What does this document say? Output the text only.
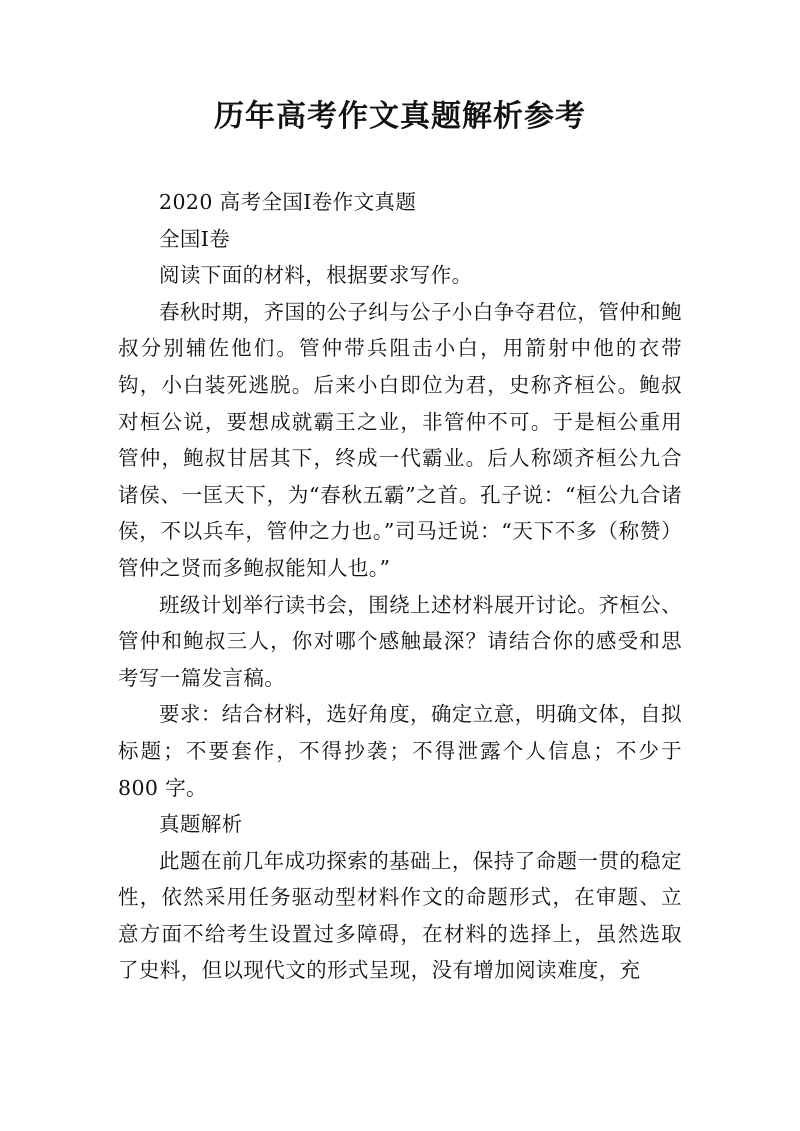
历年高考作文真题解析参考

2020 高考全国Ⅰ卷作文真题

全国Ⅰ卷

阅读下面的材料，根据要求写作。

春秋时期，齐国的公子纠与公子小白争夺君位，管仲和鲍叔分别辅佐他们。管仲带兵阻击小白，用箭射中他的衣带钩，小白装死逃脱。后来小白即位为君，史称齐桓公。鲍叔对桓公说，要想成就霸王之业，非管仲不可。于是桓公重用管仲，鲍叔甘居其下，终成一代霸业。后人称颂齐桓公九合诸侯、一匡天下，为“春秋五霸”之首。孔子说：“桓公九合诸侯，不以兵车，管仲之力也。”司马迁说：“天下不多（称赞）管仲之贤而多鲍叔能知人也。”

班级计划举行读书会，围绕上述材料展开讨论。齐桓公、管仲和鲍叔三人，你对哪个感触最深？请结合你的感受和思考写一篇发言稿。

要求：结合材料，选好角度，确定立意，明确文体，自拟标题；不要套作，不得抄袭；不得泄露个人信息；不少于 800 字。

真题解析

此题在前几年成功探索的基础上，保持了命题一贯的稳定性，依然采用任务驱动型材料作文的命题形式，在审题、立意方面不给考生设置过多障碍，在材料的选择上，虽然选取了史料，但以现代文的形式呈现，没有增加阅读难度，充
